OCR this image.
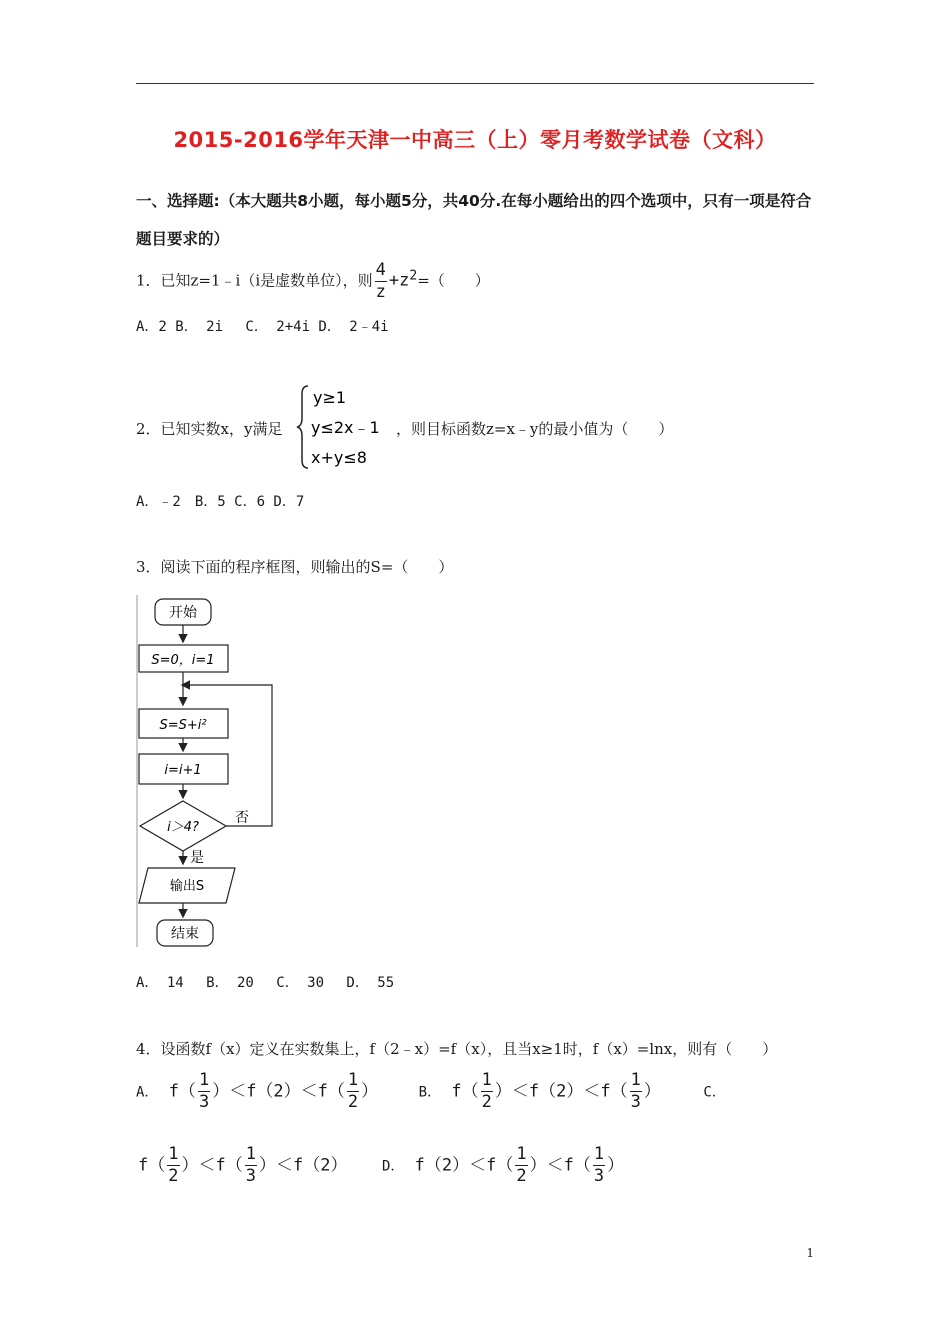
2015-2016学年天津一中高三（上）零月考数学试卷（文科）
一、选择题:（本大题共8小题，每小题5分，共40分.在每小题给出的四个选项中，只有一项是符合题目要求的）
1．已知z=1﹣i（i是虚数单位），则 $\frac{4}{z} +z^2=$（　　）
A．2 B． 2i　 C． 2+4i D． 2﹣4i
2．已知实数x，y满足
y≥1
y≤2x﹣1
x+y≤8
，则目标函数z=x﹣y的最小值为（　　）
A．﹣2　B．5 C．6 D．7
3．阅读下面的程序框图，则输出的S=（　　）
开始
S=0，i=1
S=S+i²
i=i+1
i＞4?
否
是
输出S
结束
A． 14　 B． 20　 C． 30　 D． 55
4．设函数f（x）定义在实数集上，f（2﹣x）=f（x），且当x≥1时，f（x）=lnx，则有（　　）
A． $f( \frac{1}{3} )<f(2)<f( \frac{1}{2}$ ）	B． $f( \frac{1}{2} )<f(2)<f( \frac{1}{3}$ ）	C．
$f( \frac{1}{2} )<f( \frac{1}{3} )<f(2)$ D． $f(2)<f( \frac{1}{2} )<f( \frac{1}{3}$ ）
1
